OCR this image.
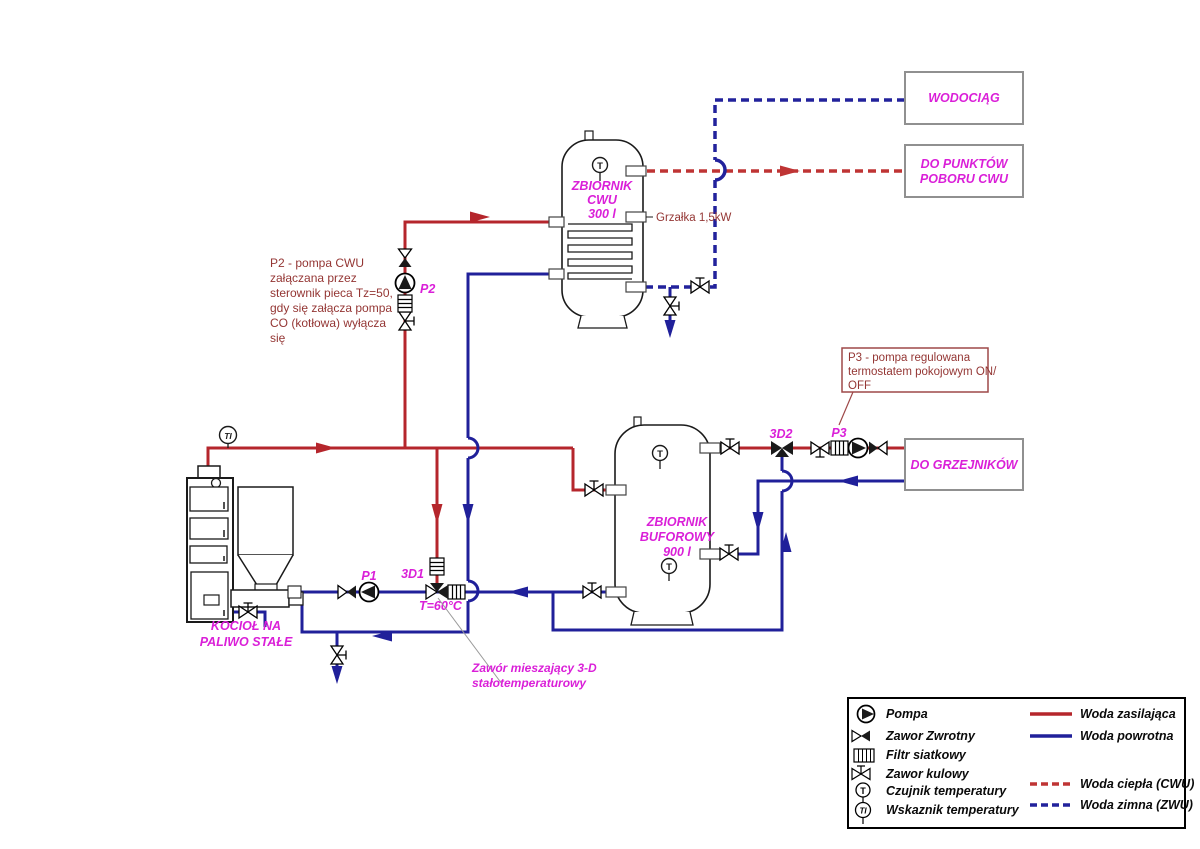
ZBIORNIK
CWU
300 l	Grzałka 1,5kW
ZBIORNIK
BUFOROWY
900 l
T
T
T
TI
WODOCIĄG
DO PUNKTÓW
POBORU CWU
DO GRZEJNIKÓW
P1
P2
P3
3D1
3D2
T=60°C
KOCIOŁ NA
PALIWO STAŁE
P2 - pompa CWU
załączana przez
sterownik pieca Tz=50,
gdy się załącza pompa
CO (kotłowa) wyłącza
się
P3 - pompa regulowana
termostatem pokojowym ON/
OFF
Zawór mieszający 3-D
stałotemperaturowy
Pompa
Zawor Zwrotny
Filtr siatkowy
Zawor kulowy
T Czujnik temperatury
TI Wskaznik temperatury
Woda zasilająca
Woda powrotna
Woda ciepła (CWU)
Woda zimna (ZWU)
